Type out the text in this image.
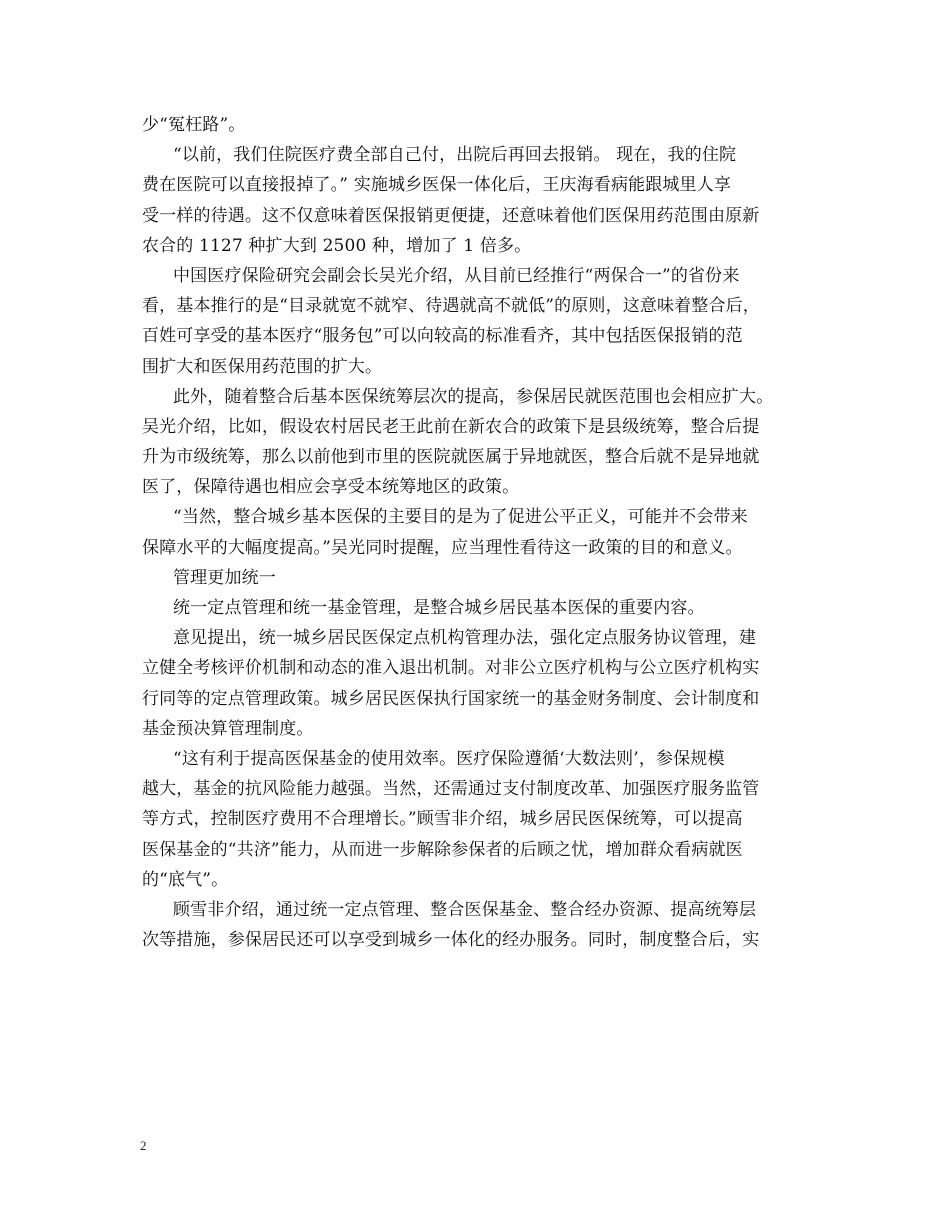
少“冤枉路”。
“以前，我们住院医疗费全部自己付，出院后再回去报销。 现在，我的住院
费在医院可以直接报掉了。” 实施城乡医保一体化后，王庆海看病能跟城里人享
受一样的待遇。这不仅意味着医保报销更便捷，还意味着他们医保用药范围由原新
农合的 1127 种扩大到 2500 种，增加了 1 倍多。
中国医疗保险研究会副会长吴光介绍，从目前已经推行“两保合一”的省份来
看，基本推行的是“目录就宽不就窄、待遇就高不就低”的原则，这意味着整合后，
百姓可享受的基本医疗“服务包”可以向较高的标准看齐，其中包括医保报销的范
围扩大和医保用药范围的扩大。
此外，随着整合后基本医保统筹层次的提高，参保居民就医范围也会相应扩大。
吴光介绍，比如，假设农村居民老王此前在新农合的政策下是县级统筹，整合后提
升为市级统筹，那么以前他到市里的医院就医属于异地就医，整合后就不是异地就
医了，保障待遇也相应会享受本统筹地区的政策。
“当然，整合城乡基本医保的主要目的是为了促进公平正义，可能并不会带来
保障水平的大幅度提高。”吴光同时提醒，应当理性看待这一政策的目的和意义。
管理更加统一
统一定点管理和统一基金管理，是整合城乡居民基本医保的重要内容。
意见提出，统一城乡居民医保定点机构管理办法，强化定点服务协议管理，建
立健全考核评价机制和动态的准入退出机制。对非公立医疗机构与公立医疗机构实
行同等的定点管理政策。城乡居民医保执行国家统一的基金财务制度、会计制度和
基金预决算管理制度。
“这有利于提高医保基金的使用效率。医疗保险遵循‘大数法则’，参保规模
越大，基金的抗风险能力越强。当然，还需通过支付制度改革、加强医疗服务监管
等方式，控制医疗费用不合理增长。”顾雪非介绍，城乡居民医保统筹，可以提高
医保基金的“共济”能力，从而进一步解除参保者的后顾之忧，增加群众看病就医
的“底气”。
顾雪非介绍，通过统一定点管理、整合医保基金、整合经办资源、提高统筹层
次等措施，参保居民还可以享受到城乡一体化的经办服务。同时，制度整合后，实
2
